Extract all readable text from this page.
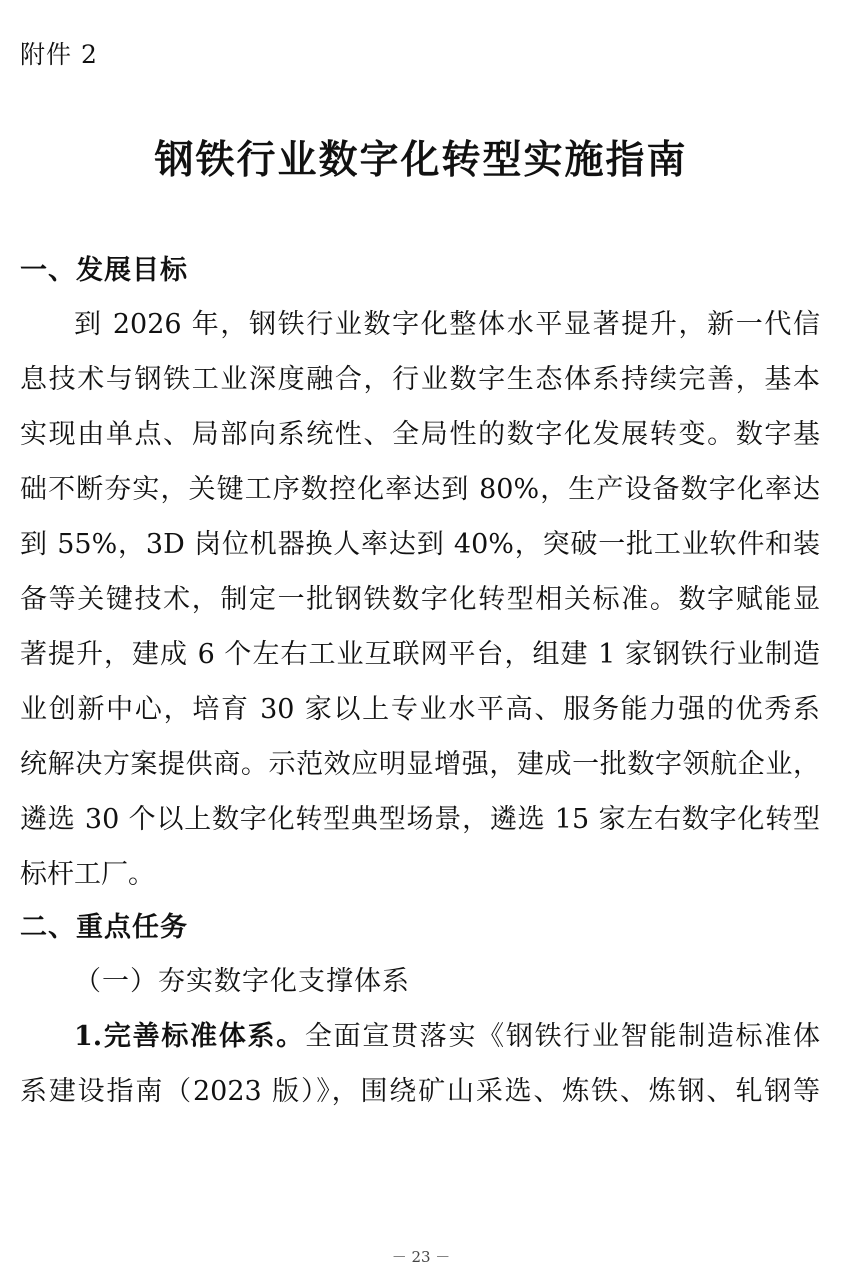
附件 2

钢铁行业数字化转型实施指南
一、发展目标
到 2026 年，钢铁行业数字化整体水平显著提升，新一代信
息技术与钢铁工业深度融合，行业数字生态体系持续完善，基本
实现由单点、局部向系统性、全局性的数字化发展转变。数字基
础不断夯实，关键工序数控化率达到 80%，生产设备数字化率达
到 55%，3D 岗位机器换人率达到 40%，突破一批工业软件和装
备等关键技术，制定一批钢铁数字化转型相关标准。数字赋能显
著提升，建成 6 个左右工业互联网平台，组建 1 家钢铁行业制造
业创新中心，培育 30 家以上专业水平高、服务能力强的优秀系
统解决方案提供商。示范效应明显增强，建成一批数字领航企业，
遴选 30 个以上数字化转型典型场景，遴选 15 家左右数字化转型
标杆工厂。
二、重点任务
（一）夯实数字化支撑体系
1.完善标准体系。全面宣贯落实《钢铁行业智能制造标准体
系建设指南（2023 版）》，围绕矿山采选、炼铁、炼钢、轧钢等
－ 23 －
